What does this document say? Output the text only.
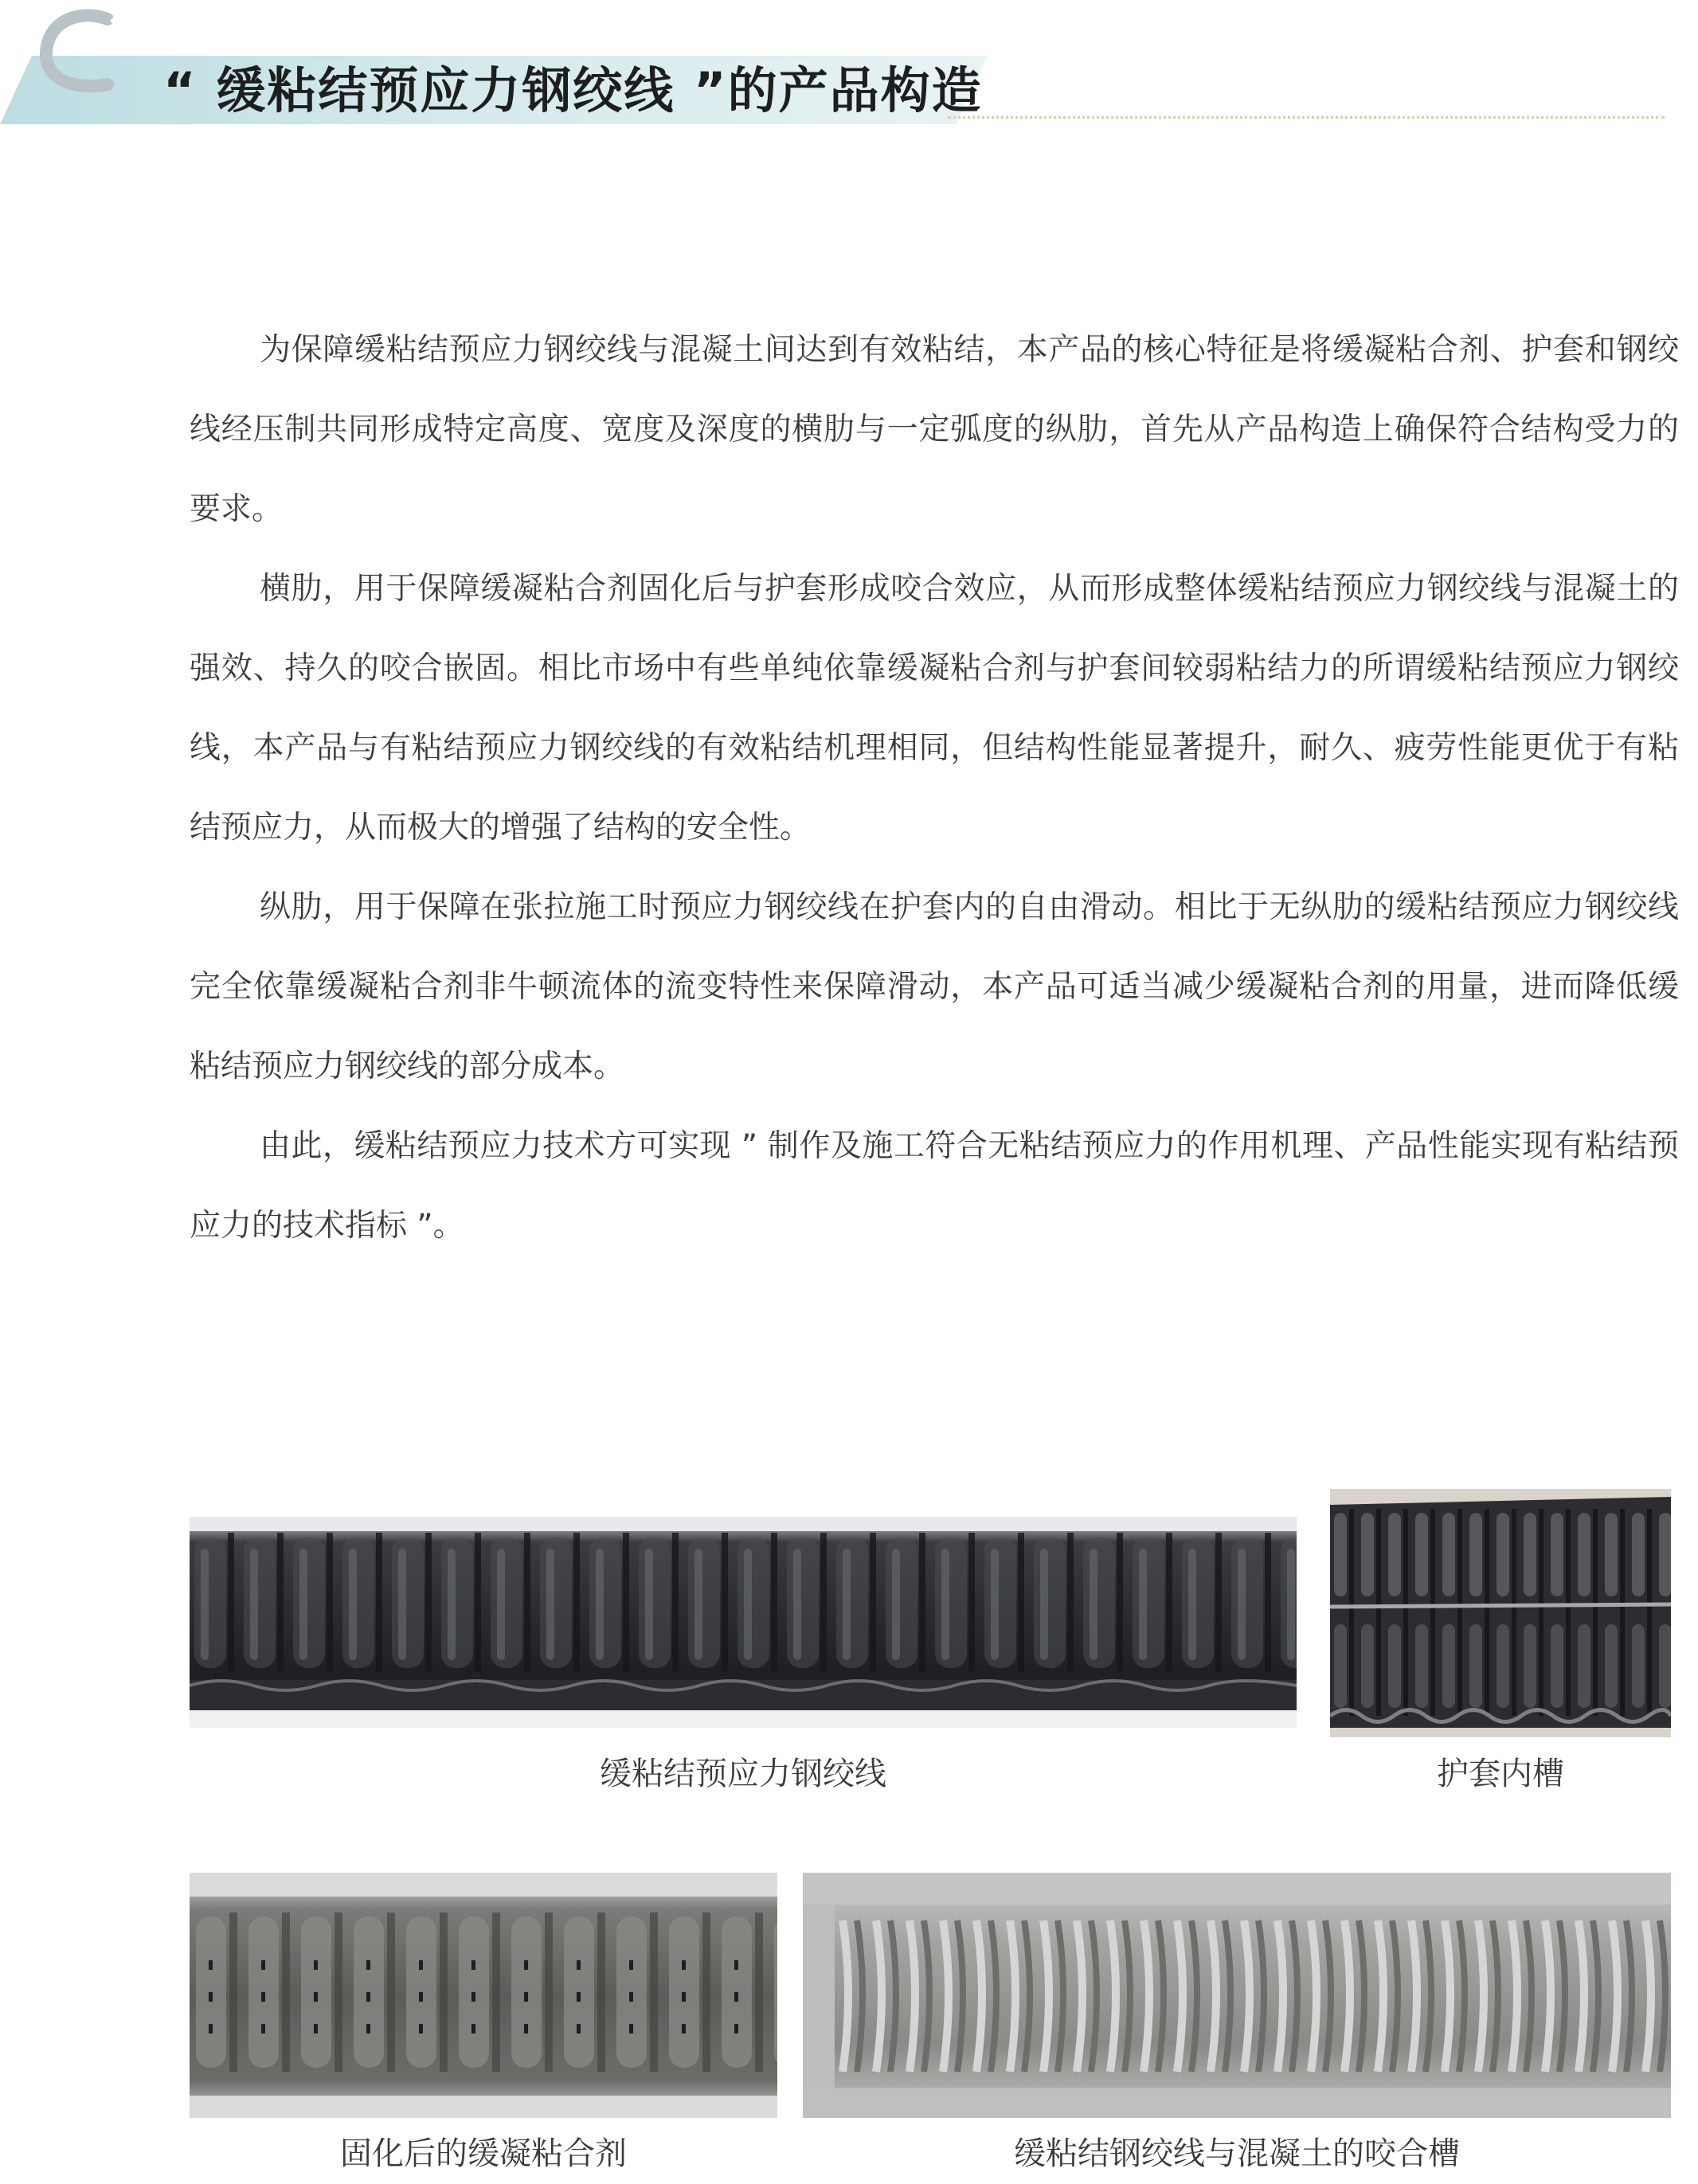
“ 缓粘结预应力钢绞线 ”的产品构造

为保障缓粘结预应力钢绞线与混凝土间达到有效粘结，本产品的核心特征是将缓凝粘合剂、护套和钢绞线经压制共同形成特定高度、宽度及深度的横肋与一定弧度的纵肋，首先从产品构造上确保符合结构受力的要求。

横肋，用于保障缓凝粘合剂固化后与护套形成咬合效应，从而形成整体缓粘结预应力钢绞线与混凝土的强效、持久的咬合嵌固。相比市场中有些单纯依靠缓凝粘合剂与护套间较弱粘结力的所谓缓粘结预应力钢绞线，本产品与有粘结预应力钢绞线的有效粘结机理相同，但结构性能显著提升，耐久、疲劳性能更优于有粘结预应力，从而极大的增强了结构的安全性。

纵肋，用于保障在张拉施工时预应力钢绞线在护套内的自由滑动。相比于无纵肋的缓粘结预应力钢绞线完全依靠缓凝粘合剂非牛顿流体的流变特性来保障滑动，本产品可适当减少缓凝粘合剂的用量，进而降低缓粘结预应力钢绞线的部分成本。

由此，缓粘结预应力技术方可实现 ” 制作及施工符合无粘结预应力的作用机理、产品性能实现有粘结预应力的技术指标 ”。

缓粘结预应力钢绞线	护套内槽
固化后的缓凝粘合剂	缓粘结钢绞线与混凝土的咬合槽
